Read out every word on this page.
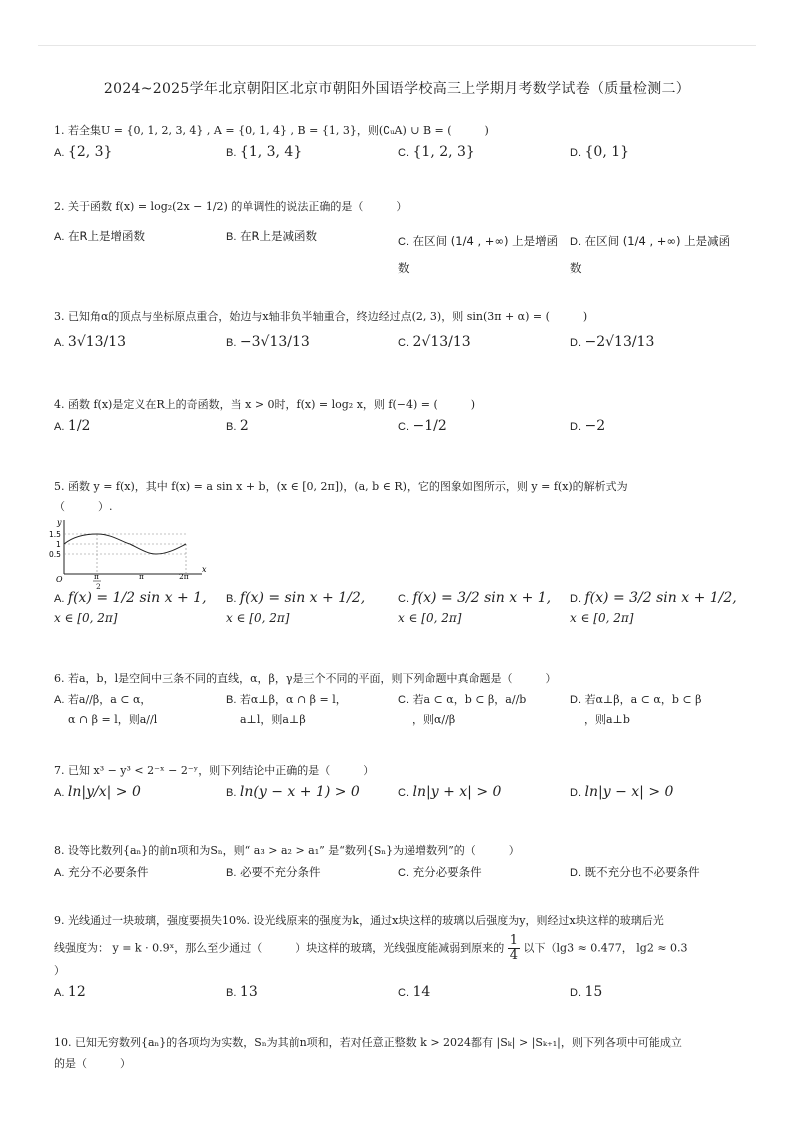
2024~2025学年北京朝阳区北京市朝阳外国语学校高三上学期月考数学试卷（质量检测二）
1. 若全集U = {0, 1, 2, 3, 4} , A = {0, 1, 4} , B = {1, 3}，则(∁ᵤA) ∪ B = (　　　)
A. {2, 3}	B. {1, 3, 4}	C. {1, 2, 3}	D. {0, 1}
2. 关于函数 f(x) = log₂(2x − 1/2) 的单调性的说法正确的是（　　　）
A. 在R上是增函数	B. 在R上是减函数	C. 在区间 (1/4 , +∞) 上是增函数
D. 在区间 (1/4 , +∞) 上是减函数
3. 已知角α的顶点与坐标原点重合，始边与x轴非负半轴重合，终边经过点(2, 3)，则 sin(3π + α) = (　　　)
A. 3√13/13	B. −3√13/13	C. 2√13/13	D. −2√13/13
4. 函数 f(x)是定义在R上的奇函数，当 x > 0时，f(x) = log₂ x，则 f(−4) = (　　　)
A. 1/2	B. 2	C. −1/2	D. −2
5. 函数 y = f(x)，其中 f(x) = a sin x + b，(x ∈ [0, 2π])，(a, b ∈ R)，它的图象如图所示，则 y = f(x)的解析式为
（　　　）.
y
x
O
1.5
1
0.5
π	π	2π
2
A. f(x) = 1/2 sin x + 1,
x ∈ [0, 2π]
B. f(x) = sin x + 1/2,
x ∈ [0, 2π]
C. f(x) = 3/2 sin x + 1,
x ∈ [0, 2π]
D. f(x) = 3/2 sin x + 1/2,
x ∈ [0, 2π]
6. 若a，b，l是空间中三条不同的直线，α，β，γ是三个不同的平面，则下列命题中真命题是（　　　）
A. 若a//β，a ⊂ α，
α ∩ β = l，则a//l
B. 若α⊥β，α ∩ β = l，
a⊥l，则a⊥β
C. 若a ⊂ α，b ⊂ β，a//b
，则α//β
D. 若α⊥β，a ⊂ α，b ⊂ β
，则a⊥b
7. 已知 x³ − y³ < 2⁻ˣ − 2⁻ʸ，则下列结论中正确的是（　　　）
A. ln|y/x| > 0	B. ln(y − x + 1) > 0	C. ln|y + x| > 0	D. ln|y − x| > 0
8. 设等比数列{aₙ}的前n项和为Sₙ，则“ a₃ > a₂ > a₁” 是“数列{Sₙ}为递增数列”的（　　　）
A. 充分不必要条件	B. 必要不充分条件	C. 充分必要条件	D. 既不充分也不必要条件
9. 光线通过一块玻璃，强度要损失10%. 设光线原来的强度为k，通过x块这样的玻璃以后强度为y，则经过x块这样的玻璃后光
线强度为： y = k · 0.9ˣ，那么至少通过（　　　）块这样的玻璃，光线强度能减弱到原来的 $\frac{1}{4}$ 以下（lg3 ≈ 0.477， lg2 ≈ 0.3
）
A. 12	B. 13	C. 14	D. 15
10. 已知无穷数列{aₙ}的各项均为实数，Sₙ为其前n项和，若对任意正整数 k > 2024都有 |Sₖ| > |Sₖ₊₁|，则下列各项中可能成立
的是（　　　）
